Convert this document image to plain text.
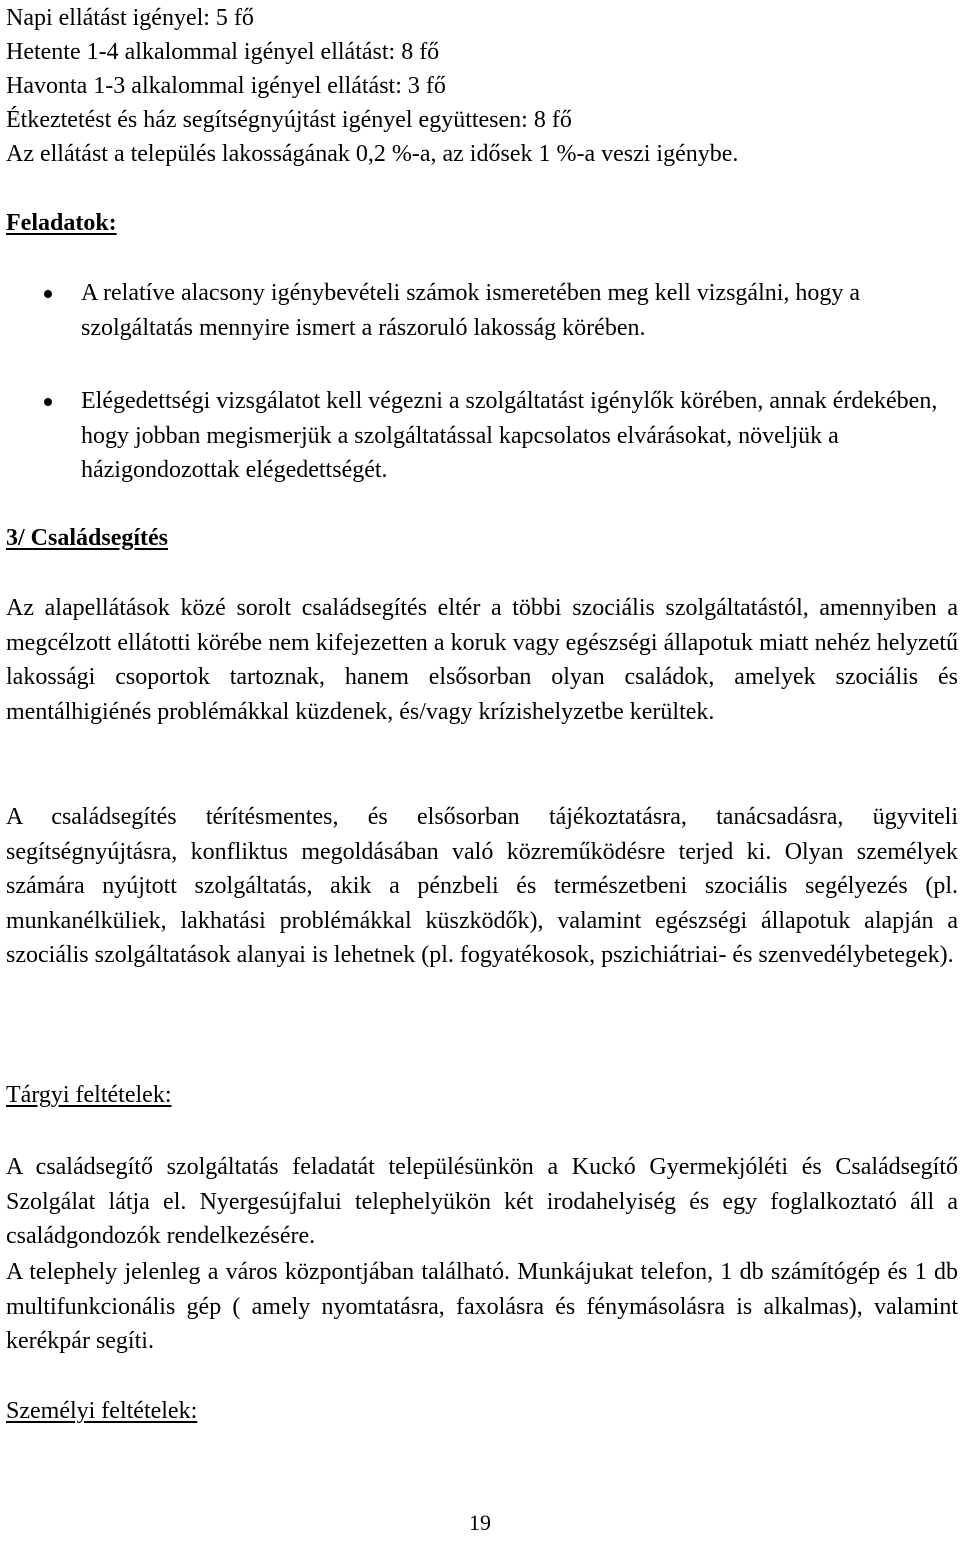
Napi ellátást igényel: 5 fő
Hetente 1-4 alkalommal igényel ellátást: 8 fő
Havonta 1-3 alkalommal igényel ellátást: 3 fő
Étkeztetést és ház segítségnyújtást igényel együttesen: 8 fő
Az ellátást a település lakosságának 0,2 %-a, az idősek 1 %-a veszi igénybe.
Feladatok:
A relatíve alacsony igénybevételi számok ismeretében meg kell vizsgálni, hogy a szolgáltatás mennyire ismert a rászoruló lakosság körében.
Elégedettségi vizsgálatot kell végezni a szolgáltatást igénylők körében, annak érdekében, hogy jobban megismerjük a szolgáltatással kapcsolatos elvárásokat, növeljük a házigondozottak elégedettségét.
3/ Családsegítés
Az alapellátások közé sorolt családsegítés eltér a többi szociális szolgáltatástól, amennyiben a megcélzott ellátotti körébe nem kifejezetten a koruk vagy egészségi állapotuk miatt nehéz helyzetű lakossági csoportok tartoznak, hanem elsősorban olyan családok, amelyek szociális és mentálhigiénés problémákkal küzdenek, és/vagy krízishelyzetbe kerültek.
A családsegítés térítésmentes, és elsősorban tájékoztatásra, tanácsadásra, ügyviteli segítségnyújtásra, konfliktus megoldásában való közreműködésre terjed ki. Olyan személyek számára nyújtott szolgáltatás, akik a pénzbeli és természetbeni szociális segélyezés (pl. munkanélküliek, lakhatási problémákkal küszködők), valamint egészségi állapotuk alapján a szociális szolgáltatások alanyai is lehetnek (pl. fogyatékosok, pszichiátriai- és szenvedélybetegek).
Tárgyi feltételek:
A családsegítő szolgáltatás feladatát településünkön a Kuckó Gyermekjóléti és Családsegítő Szolgálat látja el. Nyergesújfalui telephelyükön két irodahelyiség és egy foglalkoztató áll a családgondozók rendelkezésére.
A telephely jelenleg a város központjában található. Munkájukat telefon, 1 db számítógép és 1 db multifunkcionális gép ( amely nyomtatásra, faxolásra és fénymásolásra is alkalmas), valamint kerékpár segíti.
Személyi feltételek:
19
